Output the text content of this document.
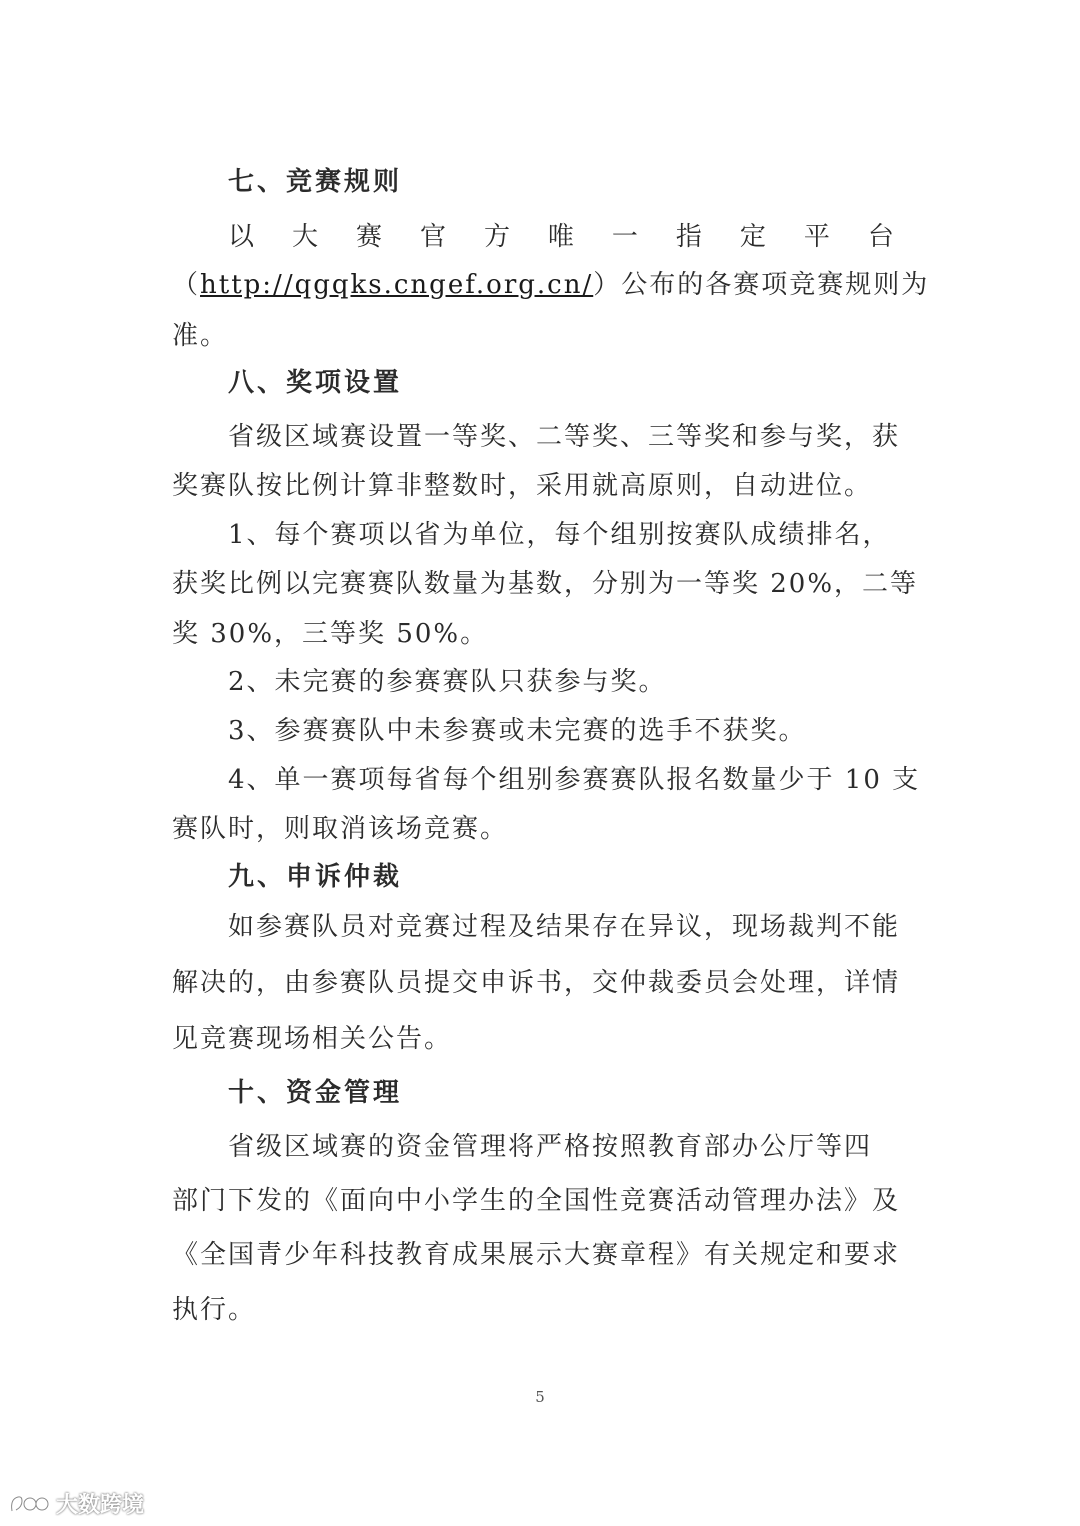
七、竞赛规则
以 大 赛 官 方 唯 一 指 定 平 台
（http://qgqks.cngef.org.cn/）公布的各赛项竞赛规则为
准。
八、奖项设置
省级区域赛设置一等奖、二等奖、三等奖和参与奖，获
奖赛队按比例计算非整数时，采用就高原则，自动进位。
1、每个赛项以省为单位，每个组别按赛队成绩排名，
获奖比例以完赛赛队数量为基数，分别为一等奖 20%，二等
奖 30%，三等奖 50%。
2、未完赛的参赛赛队只获参与奖。
3、参赛赛队中未参赛或未完赛的选手不获奖。
4、单一赛项每省每个组别参赛赛队报名数量少于 10 支
赛队时，则取消该场竞赛。
九、申诉仲裁
如参赛队员对竞赛过程及结果存在异议，现场裁判不能
解决的，由参赛队员提交申诉书，交仲裁委员会处理，详情
见竞赛现场相关公告。
十、资金管理
省级区域赛的资金管理将严格按照教育部办公厅等四
部门下发的《面向中小学生的全国性竞赛活动管理办法》及
《全国青少年科技教育成果展示大赛章程》有关规定和要求
执行。
5
大数跨境
